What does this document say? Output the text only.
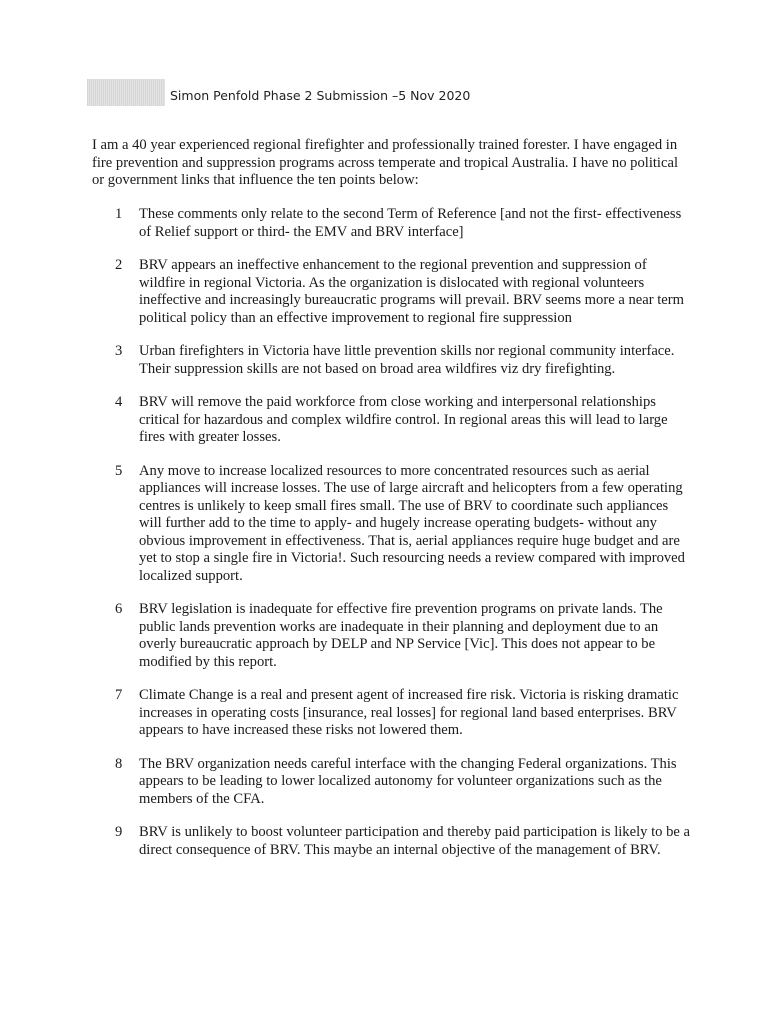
Simon Penfold Phase 2 Submission –5 Nov 2020

I am a 40 year experienced regional firefighter and professionally trained forester. I have engaged in fire prevention and suppression programs across temperate and tropical Australia. I have no political or government links that influence the ten points below:

1 These comments only relate to the second Term of Reference [and not the first- effectiveness of Relief support or third- the EMV and BRV interface]

2 BRV appears an ineffective enhancement to the regional prevention and suppression of wildfire in regional Victoria. As the organization is dislocated with regional volunteers ineffective and increasingly bureaucratic programs will prevail. BRV seems more a near term political policy than an effective improvement to regional fire suppression

3 Urban firefighters in Victoria have little prevention skills nor regional community interface. Their suppression skills are not based on broad area wildfires viz dry firefighting.

4 BRV will remove the paid workforce from close working and interpersonal relationships critical for hazardous and complex wildfire control. In regional areas this will lead to large fires with greater losses.

5 Any move to increase localized resources to more concentrated resources such as aerial appliances will increase losses. The use of large aircraft and helicopters from a few operating centres is unlikely to keep small fires small. The use of BRV to coordinate such appliances will further add to the time to apply- and hugely increase operating budgets- without any obvious improvement in effectiveness. That is, aerial appliances require huge budget and are yet to stop a single fire in Victoria!. Such resourcing needs a review compared with improved localized support.

6 BRV legislation is inadequate for effective fire prevention programs on private lands. The public lands prevention works are inadequate in their planning and deployment due to an overly bureaucratic approach by DELP and NP Service [Vic]. This does not appear to be modified by this report.

7 Climate Change is a real and present agent of increased fire risk. Victoria is risking dramatic increases in operating costs [insurance, real losses] for regional land based enterprises. BRV appears to have increased these risks not lowered them.

8 The BRV organization needs careful interface with the changing Federal organizations. This appears to be leading to lower localized autonomy for volunteer organizations such as the members of the CFA.

9 BRV is unlikely to boost volunteer participation and thereby paid participation is likely to be a direct consequence of BRV. This maybe an internal objective of the management of BRV.
